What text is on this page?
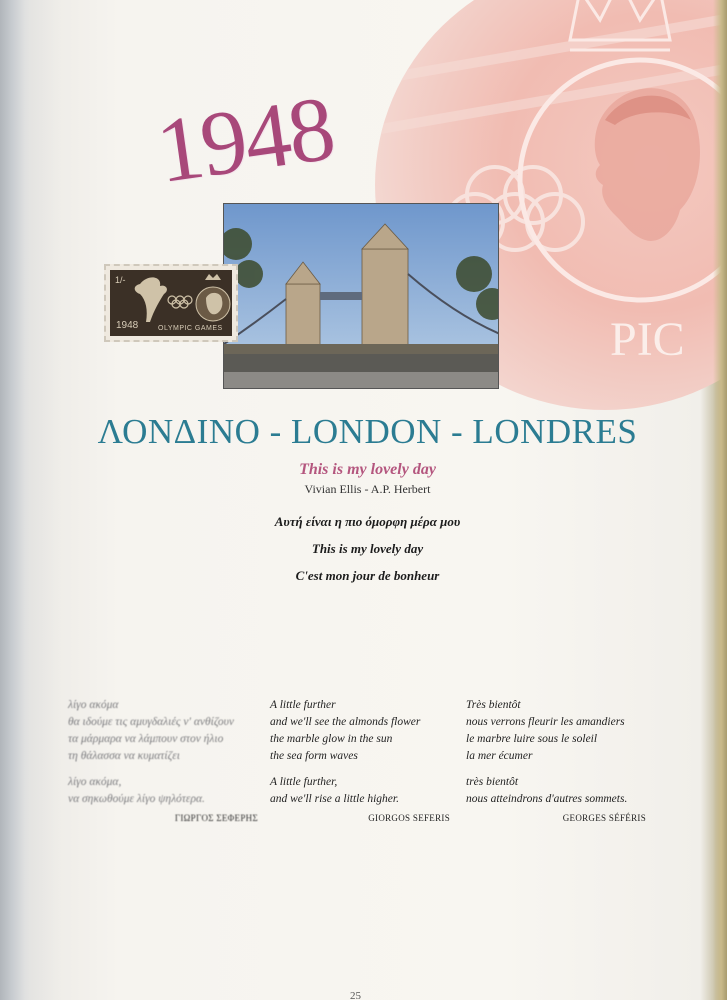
PIC
1948
1/-
1948	OLYMPIC GAMES
ΛΟΝΔΙΝΟ - LONDON - LONDRES
This is my lovely day
Vivian Ellis - A.P. Herbert
Αυτή είναι η πιο όμορφη μέρα μου
This is my lovely day
C'est mon jour de bonheur
λίγο ακόμα
θα ιδούμε τις αμυγδαλιές ν' ανθίζουν
τα μάρμαρα να λάμπουν στον ήλιο
τη θάλασσα να κυματίζει
λίγο ακόμα,
να σηκωθούμε λίγο ψηλότερα.
ΓΙΩΡΓΟΣ ΣΕΦΕΡΗΣ
A little further
and we'll see the almonds flower
the marble glow in the sun
the sea form waves
A little further,
and we'll rise a little higher.
GIORGOS SEFERIS
Très bientôt
nous verrons fleurir les amandiers
le marbre luire sous le soleil
la mer écumer
très bientôt
nous atteindrons d'autres sommets.
GEORGES SÉFÉRIS
25
